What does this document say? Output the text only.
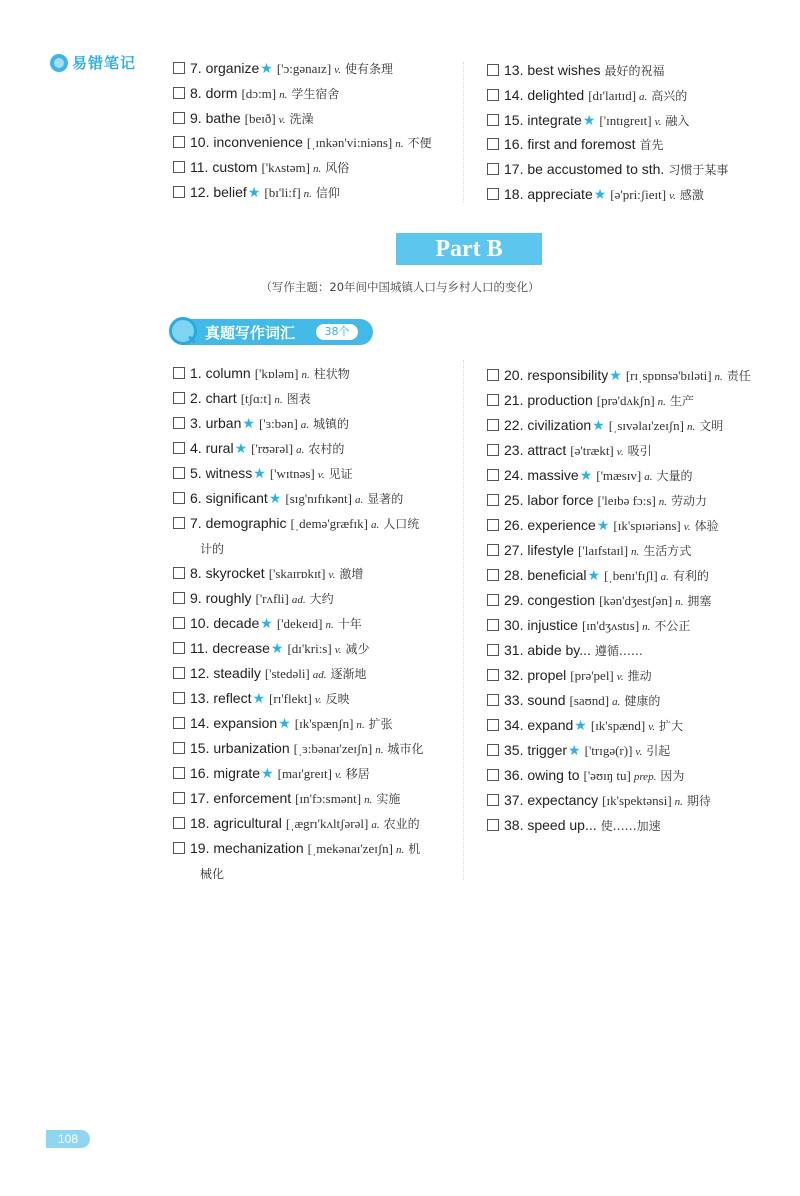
易错笔记
Part B
（写作主题：20年间中国城镇人口与乡村人口的变化）
真题写作词汇	38个
108
7. organize★ ['ɔ:gənaɪz] v. 使有条理
8. dorm [dɔ:m] n. 学生宿舍
9. bathe [beɪð] v. 洗澡
10. inconvenience [ˌɪnkən'vi:niəns] n. 不便
11. custom ['kʌstəm] n. 风俗
12. belief★ [bɪ'li:f] n. 信仰
13. best wishes 最好的祝福
14. delighted [dɪ'laɪtɪd] a. 高兴的
15. integrate★ ['ɪntɪgreɪt] v. 融入
16. first and foremost 首先
17. be accustomed to sth. 习惯于某事
18. appreciate★ [ə'pri:ʃieɪt] v. 感激
1. column ['kɒləm] n. 柱状物
2. chart [tʃɑ:t] n. 图表
3. urban★ ['ɜ:bən] a. 城镇的
4. rural★ ['rʊərəl] a. 农村的
5. witness★ ['wɪtnəs] v. 见证
6. significant★ [sɪg'nɪfɪkənt] a. 显著的
7. demographic [ˌdemə'græfɪk] a. 人口统
计的
8. skyrocket ['skaɪrɒkɪt] v. 激增
9. roughly ['rʌfli] ad. 大约
10. decade★ ['dekeɪd] n. 十年
11. decrease★ [dɪ'kri:s] v. 减少
12. steadily ['stedəli] ad. 逐渐地
13. reflect★ [rɪ'flekt] v. 反映
14. expansion★ [ɪk'spænʃn] n. 扩张
15. urbanization [ˌɜ:bənaɪ'zeɪʃn] n. 城市化
16. migrate★ [maɪ'greɪt] v. 移居
17. enforcement [ɪn'fɔ:smənt] n. 实施
18. agricultural [ˌægrɪ'kʌltʃərəl] a. 农业的
19. mechanization [ˌmekənaɪ'zeɪʃn] n. 机
械化
20. responsibility★ [rɪˌspɒnsə'bɪləti] n. 责任
21. production [prə'dʌkʃn] n. 生产
22. civilization★ [ˌsɪvəlaɪ'zeɪʃn] n. 文明
23. attract [ə'trækt] v. 吸引
24. massive★ ['mæsɪv] a. 大量的
25. labor force ['leɪbə fɔ:s] n. 劳动力
26. experience★ [ɪk'spɪəriəns] v. 体验
27. lifestyle ['laɪfstaɪl] n. 生活方式
28. beneficial★ [ˌbenɪ'fɪʃl] a. 有利的
29. congestion [kən'dʒestʃən] n. 拥塞
30. injustice [ɪn'dʒʌstɪs] n. 不公正
31. abide by... 遵循……
32. propel [prə'pel] v. 推动
33. sound [saʊnd] a. 健康的
34. expand★ [ɪk'spænd] v. 扩大
35. trigger★ ['trɪgə(r)] v. 引起
36. owing to ['əʊɪŋ tu] prep. 因为
37. expectancy [ɪk'spektənsi] n. 期待
38. speed up... 使……加速
